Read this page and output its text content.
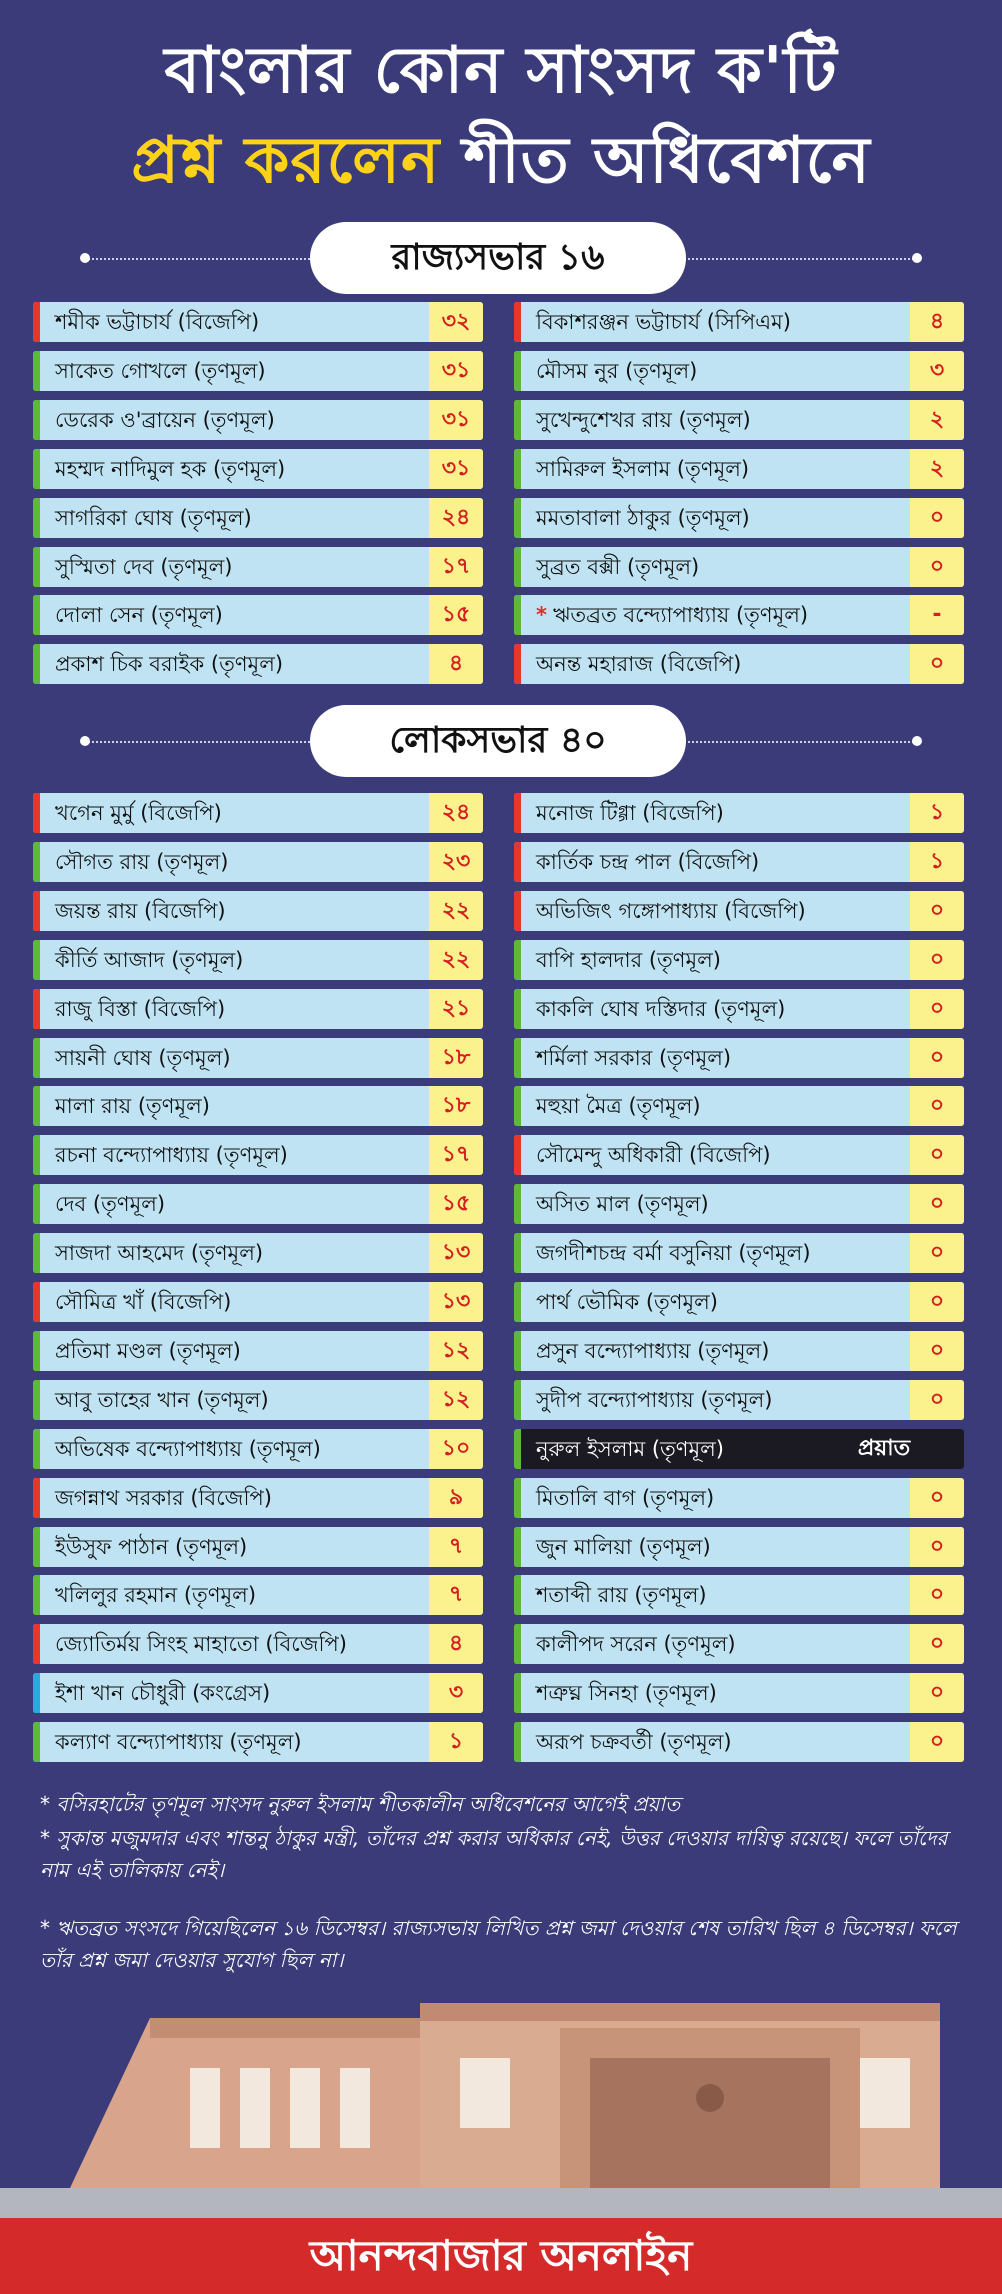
বাংলার কোন সাংসদ ক'টি
প্রশ্ন করলেন শীত অধিবেশনে
রাজ্যসভার ১৬
শমীক ভট্টাচার্য (বিজেপি)	৩২
সাকেত গোখলে (তৃণমূল)	৩১
ডেরেক ও'ব্রায়েন (তৃণমূল)	৩১
মহম্মদ নাদিমুল হক (তৃণমূল)	৩১
সাগরিকা ঘোষ (তৃণমূল)	২৪
সুস্মিতা দেব (তৃণমূল)	১৭
দোলা সেন (তৃণমূল)	১৫
প্রকাশ চিক বরাইক (তৃণমূল)	৪
বিকাশরঞ্জন ভট্টাচার্য (সিপিএম)	৪
মৌসম নুর (তৃণমূল)	৩
সুখেন্দুশেখর রায় (তৃণমূল)	২
সামিরুল ইসলাম (তৃণমূল)	২
মমতাবালা ঠাকুর (তৃণমূল)	০
সুব্রত বক্সী (তৃণমূল)	০
* ঋতব্রত বন্দ্যোপাধ্যায় (তৃণমূল)	-
অনন্ত মহারাজ (বিজেপি)	০
লোকসভার ৪০
খগেন মুর্মু (বিজেপি)	২৪
সৌগত রায় (তৃণমূল)	২৩
জয়ন্ত রায় (বিজেপি)	২২
কীর্তি আজাদ (তৃণমূল)	২২
রাজু বিস্তা (বিজেপি)	২১
সায়নী ঘোষ (তৃণমূল)	১৮
মালা রায় (তৃণমূল)	১৮
রচনা বন্দ্যোপাধ্যায় (তৃণমূল)	১৭
দেব (তৃণমূল)	১৫
সাজদা আহমেদ (তৃণমূল)	১৩
সৌমিত্র খাঁ (বিজেপি)	১৩
প্রতিমা মণ্ডল (তৃণমূল)	১২
আবু তাহের খান (তৃণমূল)	১২
অভিষেক বন্দ্যোপাধ্যায় (তৃণমূল)	১০
জগন্নাথ সরকার (বিজেপি)	৯
ইউসুফ পাঠান (তৃণমূল)	৭
খলিলুর রহমান (তৃণমূল)	৭
জ্যোতির্ময় সিংহ মাহাতো (বিজেপি)	৪
ইশা খান চৌধুরী (কংগ্রেস)	৩
কল্যাণ বন্দ্যোপাধ্যায় (তৃণমূল)	১
মনোজ টিগ্গা (বিজেপি)	১
কার্তিক চন্দ্র পাল (বিজেপি)	১
অভিজিৎ গঙ্গোপাধ্যায় (বিজেপি)	০
বাপি হালদার (তৃণমূল)	০
কাকলি ঘোষ দস্তিদার (তৃণমূল)	০
শর্মিলা সরকার (তৃণমূল)	০
মহুয়া মৈত্র (তৃণমূল)	০
সৌমেন্দু অধিকারী (বিজেপি)	০
অসিত মাল (তৃণমূল)	০
জগদীশচন্দ্র বর্মা বসুনিয়া (তৃণমূল)	০
পার্থ ভৌমিক (তৃণমূল)	০
প্রসুন বন্দ্যোপাধ্যায় (তৃণমূল)	০
সুদীপ বন্দ্যোপাধ্যায় (তৃণমূল)	০
নুরুল ইসলাম (তৃণমূল)	প্রয়াত
মিতালি বাগ (তৃণমূল)	০
জুন মালিয়া (তৃণমূল)	০
শতাব্দী রায় (তৃণমূল)	০
কালীপদ সরেন (তৃণমূল)	০
শত্রুঘ্ন সিনহা (তৃণমূল)	০
অরূপ চক্রবর্তী (তৃণমূল)	০
* বসিরহাটের তৃণমূল সাংসদ নুরুল ইসলাম শীতকালীন অধিবেশনের আগেই প্রয়াত
* সুকান্ত মজুমদার এবং শান্তনু ঠাকুর মন্ত্রী, তাঁদের প্রশ্ন করার অধিকার নেই, উত্তর দেওয়ার দায়িত্ব রয়েছে। ফলে তাঁদের নাম এই তালিকায় নেই।
* ঋতব্রত সংসদে গিয়েছিলেন ১৬ ডিসেম্বর। রাজ্যসভায় লিখিত প্রশ্ন জমা দেওয়ার শেষ তারিখ ছিল ৪ ডিসেম্বর। ফলে তাঁর প্রশ্ন জমা দেওয়ার সুযোগ ছিল না।
আনন্দবাজার অনলাইন
